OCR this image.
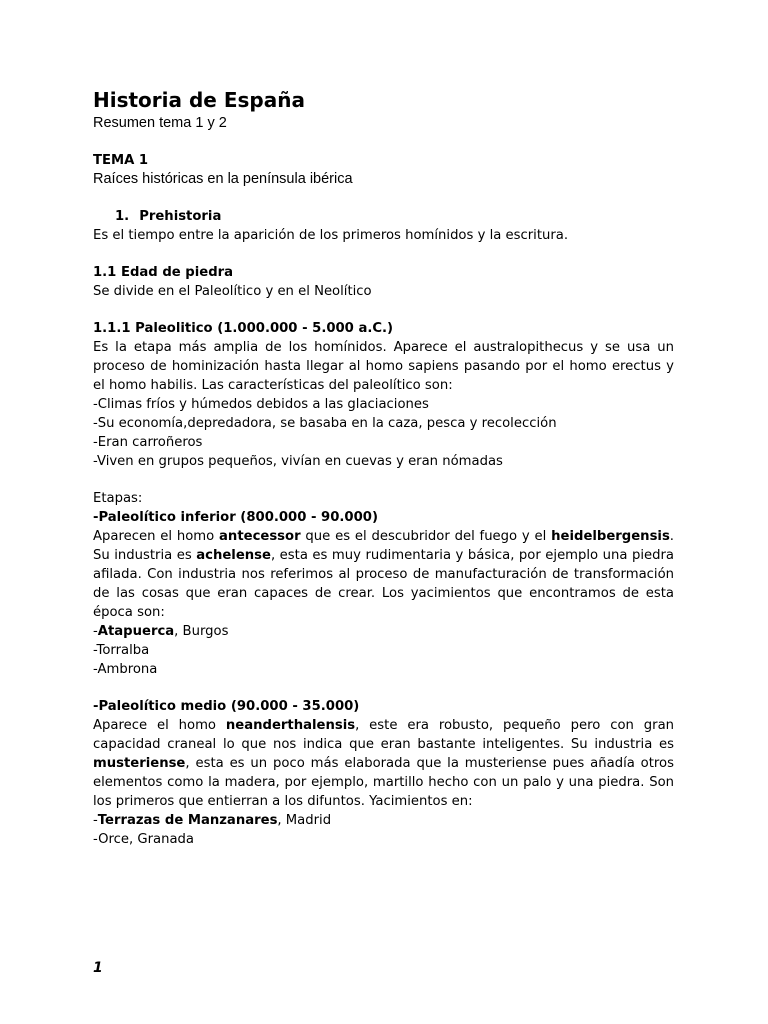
Historia de España

Resumen tema 1 y 2

TEMA 1

Raíces históricas en la península ibérica

1. Prehistoria

Es el tiempo entre la aparición de los primeros homínidos y la escritura.

1.1 Edad de piedra

Se divide en el Paleolítico y en el Neolítico

1.1.1 Paleolitico (1.000.000 - 5.000 a.C.)

Es la etapa más amplia de los homínidos. Aparece el australopithecus y se usa un proceso de hominización hasta llegar al homo sapiens pasando por el homo erectus y el homo habilis. Las características del paleolítico son:

-Climas fríos y húmedos debidos a las glaciaciones

-Su economía,depredadora, se basaba en la caza, pesca y recolección

-Eran carroñeros

-Viven en grupos pequeños, vivían en cuevas y eran nómadas

Etapas:

-Paleolítico inferior (800.000 - 90.000)

Aparecen el homo antecessor que es el descubridor del fuego y el heidelbergensis. Su industria es achelense, esta es muy rudimentaria y básica, por ejemplo una piedra afilada. Con industria nos referimos al proceso de manufacturación de transformación de las cosas que eran capaces de crear. Los yacimientos que encontramos de esta época son:

-Atapuerca, Burgos

-Torralba

-Ambrona

-Paleolítico medio (90.000 - 35.000)

Aparece el homo neanderthalensis, este era robusto, pequeño pero con gran capacidad craneal lo que nos indica que eran bastante inteligentes. Su industria es musteriense, esta es un poco más elaborada que la musteriense pues añadía otros elementos como la madera, por ejemplo, martillo hecho con un palo y una piedra. Son los primeros que entierran a los difuntos. Yacimientos en:

-Terrazas de Manzanares, Madrid

-Orce, Granada

1
